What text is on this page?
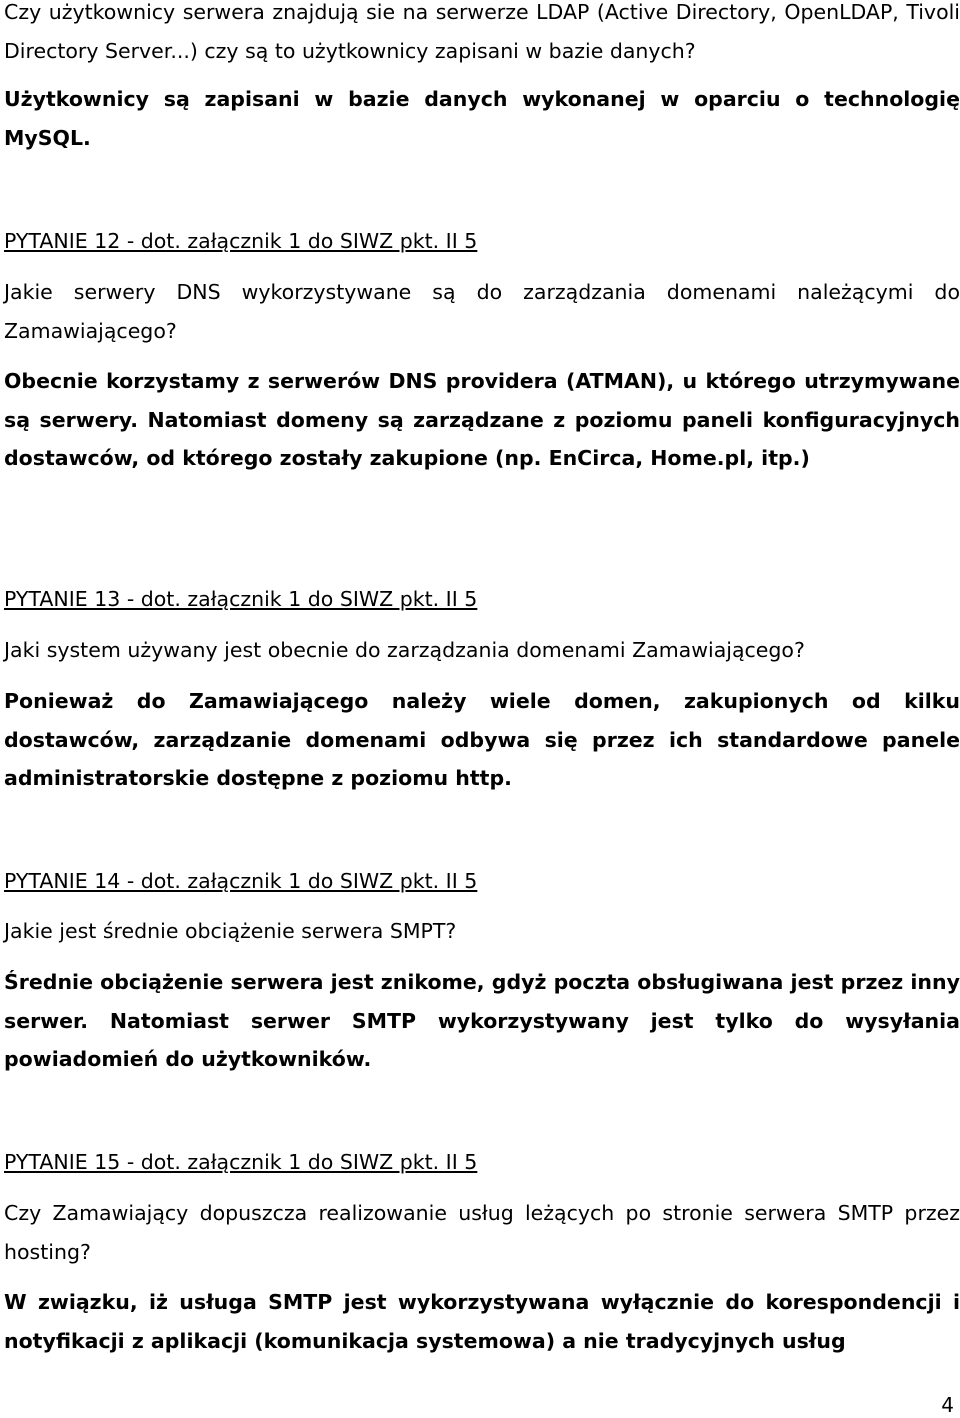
Czy użytkownicy serwera znajdują sie na serwerze LDAP (Active Directory, OpenLDAP, Tivoli Directory Server...) czy są to użytkownicy zapisani w bazie danych?

Użytkownicy są zapisani w bazie danych wykonanej w oparciu o technologię MySQL.

PYTANIE 12 - dot. załącznik 1 do SIWZ pkt. II 5

Jakie serwery DNS wykorzystywane są do zarządzania domenami należącymi do Zamawiającego?

Obecnie korzystamy z serwerów DNS providera (ATMAN), u którego utrzymywane są serwery. Natomiast domeny są zarządzane z poziomu paneli konfiguracyjnych dostawców, od którego zostały zakupione (np. EnCirca, Home.pl, itp.)

PYTANIE 13 - dot. załącznik 1 do SIWZ pkt. II 5

Jaki system używany jest obecnie do zarządzania domenami Zamawiającego?

Ponieważ do Zamawiającego należy wiele domen, zakupionych od kilku dostawców, zarządzanie domenami odbywa się przez ich standardowe panele administratorskie dostępne z poziomu http.

PYTANIE 14 - dot. załącznik 1 do SIWZ pkt. II 5

Jakie jest średnie obciążenie serwera SMPT?

Średnie obciążenie serwera jest znikome, gdyż poczta obsługiwana jest przez inny serwer. Natomiast serwer SMTP wykorzystywany jest tylko do wysyłania powiadomień do użytkowników.

PYTANIE 15 - dot. załącznik 1 do SIWZ pkt. II 5

Czy Zamawiający dopuszcza realizowanie usług leżących po stronie serwera SMTP przez hosting?

W związku, iż usługa SMTP jest wykorzystywana wyłącznie do korespondencji i notyfikacji z aplikacji (komunikacja systemowa) a nie tradycyjnych usług

4
